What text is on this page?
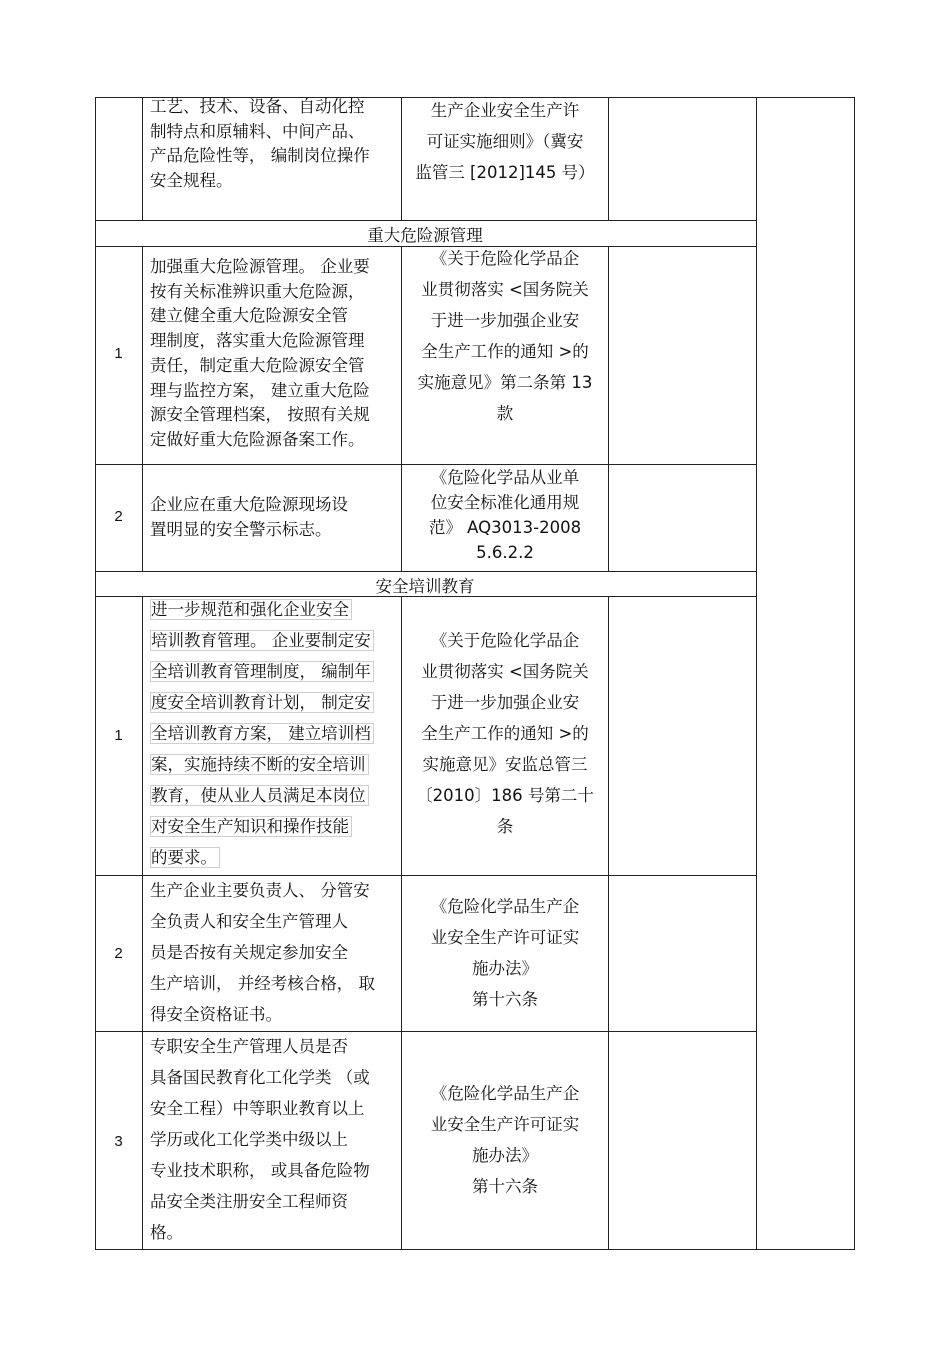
工艺、技术、设备、自动化控
制特点和原辅料、中间产品、
产品危险性等， 编制岗位操作
安全规程。
生产企业安全生产许
可证实施细则》（冀安
监管三 [2012]145 号）
重大危险源管理
1
加强重大危险源管理。 企业要
按有关标准辨识重大危险源，
建立健全重大危险源安全管
理制度，落实重大危险源管理
责任，制定重大危险源安全管
理与监控方案， 建立重大危险
源安全管理档案， 按照有关规
定做好重大危险源备案工作。
《关于危险化学品企
业贯彻落实 <国务院关
于进一步加强企业安
全生产工作的通知 >的
实施意见》第二条第 13
款
2
企业应在重大危险源现场设
置明显的安全警示标志。
《危险化学品从业单
位安全标准化通用规
范》 AQ3013-2008
5.6.2.2
安全培训教育
1
进一步规范和强化企业安全
培训教育管理。 企业要制定安
全培训教育管理制度， 编制年
度安全培训教育计划， 制定安
全培训教育方案， 建立培训档
案，实施持续不断的安全培训
教育，使从业人员满足本岗位
对安全生产知识和操作技能
的要求。
《关于危险化学品企
业贯彻落实 <国务院关
于进一步加强企业安
全生产工作的通知 >的
实施意见》安监总管三
〔2010〕186 号第二十
条
2
生产企业主要负责人、 分管安
全负责人和安全生产管理人
员是否按有关规定参加安全
生产培训， 并经考核合格， 取
得安全资格证书。
《危险化学品生产企
业安全生产许可证实
施办法》
第十六条
3
专职安全生产管理人员是否
具备国民教育化工化学类 （或
安全工程）中等职业教育以上
学历或化工化学类中级以上
专业技术职称， 或具备危险物
品安全类注册安全工程师资
格。
《危险化学品生产企
业安全生产许可证实
施办法》
第十六条
